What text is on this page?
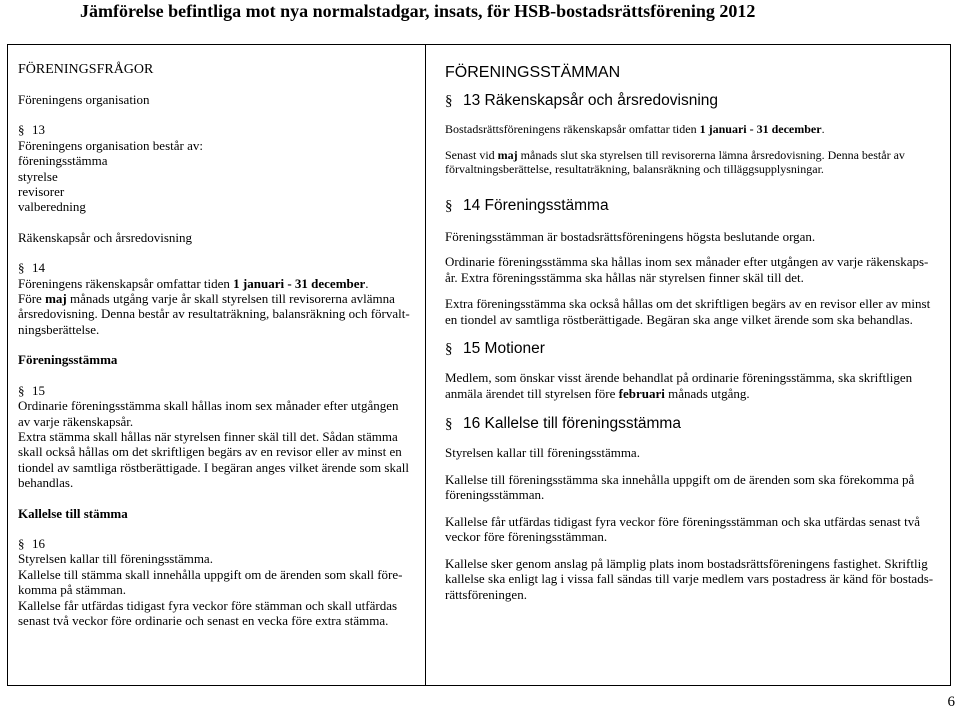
Jämförelse befintliga mot nya normalstadgar, insats, för HSB-bostadsrättsförening 2012

FÖRENINGSFRÅGOR

Föreningens organisation

§ 13

Föreningens organisation består av:

föreningsstämma

styrelse

revisorer

valberedning

Räkenskapsår och årsredovisning

§ 14

Föreningens räkenskapsår omfattar tiden 1 januari - 31 december.

Före maj månads utgång varje år skall styrelsen till revisorerna avlämna

årsredovisning. Denna består av resultaträkning, balansräkning och förvalt-

ningsberättelse.

Föreningsstämma

§ 15

Ordinarie föreningsstämma skall hållas inom sex månader efter utgången

av varje räkenskapsår.

Extra stämma skall hållas när styrelsen finner skäl till det. Sådan stämma

skall också hållas om det skriftligen begärs av en revisor eller av minst en

tiondel av samtliga röstberättigade. I begäran anges vilket ärende som skall

behandlas.

Kallelse till stämma

§ 16

Styrelsen kallar till föreningsstämma.

Kallelse till stämma skall innehålla uppgift om de ärenden som skall före-

komma på stämman.

Kallelse får utfärdas tidigast fyra veckor före stämman och skall utfärdas

senast två veckor före ordinarie och senast en vecka före extra stämma.

FÖRENINGSSTÄMMAN

§ 13 Räkenskapsår och årsredovisning

Bostadsrättsföreningens räkenskapsår omfattar tiden 1 januari - 31 december.

Senast vid maj månads slut ska styrelsen till revisorerna lämna årsredovisning. Denna består av förvaltningsberättelse, resultaträkning, balansräkning och tilläggsupplysningar.

§ 14 Föreningsstämma

Föreningsstämman är bostadsrättsföreningens högsta beslutande organ.

Ordinarie föreningsstämma ska hållas inom sex månader efter utgången av varje räkenskaps-

år. Extra föreningsstämma ska hållas när styrelsen finner skäl till det.

Extra föreningsstämma ska också hållas om det skriftligen begärs av en revisor eller av minst en tiondel av samtliga röstberättigade. Begäran ska ange vilket ärende som ska behandlas.

§ 15 Motioner

Medlem, som önskar visst ärende behandlat på ordinarie föreningsstämma, ska skriftligen anmäla ärendet till styrelsen före februari månads utgång.

§ 16 Kallelse till föreningsstämma

Styrelsen kallar till föreningsstämma.

Kallelse till föreningsstämma ska innehålla uppgift om de ärenden som ska förekomma på föreningsstämman.

Kallelse får utfärdas tidigast fyra veckor före föreningsstämman och ska utfärdas senast två veckor före föreningsstämman.

Kallelse sker genom anslag på lämplig plats inom bostadsrättsföreningens fastighet. Skriftlig kallelse ska enligt lag i vissa fall sändas till varje medlem vars postadress är känd för bostads-

rättsföreningen.

6
